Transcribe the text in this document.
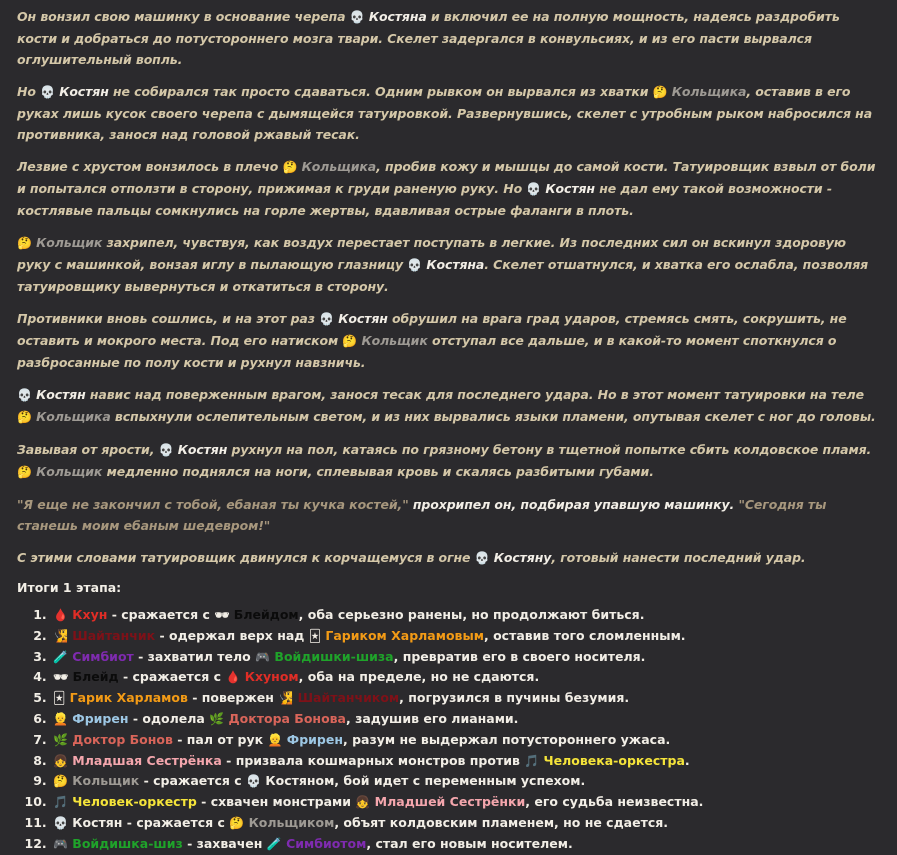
Он вонзил свою машинку в основание черепа 💀 Костяна и включил ее на полную мощность, надеясь раздробить кости и добраться до потустороннего мозга твари. Скелет задергался в конвульсиях, и из его пасти вырвался оглушительный вопль.

Но 💀 Костян не собирался так просто сдаваться. Одним рывком он вырвался из хватки 🤔 Кольщика, оставив в его руках лишь кусок своего черепа с дымящейся татуировкой. Развернувшись, скелет с утробным рыком набросился на противника, занося над головой ржавый тесак.

Лезвие с хрустом вонзилось в плечо 🤔 Кольщика, пробив кожу и мышцы до самой кости. Татуировщик взвыл от боли и попытался отползти в сторону, прижимая к груди раненую руку. Но 💀 Костян не дал ему такой возможности - костлявые пальцы сомкнулись на горле жертвы, вдавливая острые фаланги в плоть.

🤔 Кольщик захрипел, чувствуя, как воздух перестает поступать в легкие. Из последних сил он вскинул здоровую руку с машинкой, вонзая иглу в пылающую глазницу 💀 Костяна. Скелет отшатнулся, и хватка его ослабла, позволяя татуировщику вывернуться и откатиться в сторону.

Противники вновь сошлись, и на этот раз 💀 Костян обрушил на врага град ударов, стремясь смять, сокрушить, не оставить и мокрого места. Под его натиском 🤔 Кольщик отступал все дальше, и в какой-то момент споткнулся о разбросанные по полу кости и рухнул навзничь.

💀 Костян навис над поверженным врагом, занося тесак для последнего удара. Но в этот момент татуировки на теле 🤔 Кольщика вспыхнули ослепительным светом, и из них вырвались языки пламени, опутывая скелет с ног до головы.

Завывая от ярости, 💀 Костян рухнул на пол, катаясь по грязному бетону в тщетной попытке сбить колдовское пламя. 🤔 Кольщик медленно поднялся на ноги, сплевывая кровь и скалясь разбитыми губами.

"Я еще не закончил с тобой, ебаная ты кучка костей," прохрипел он, подбирая упавшую машинку. "Сегодня ты станешь моим ебаным шедевром!"

С этими словами татуировщик двинулся к корчащемуся в огне 💀 Костяну, готовый нанести последний удар.

Итоги 1 этапа:
1. 🩸 Кхун - сражается с 🕶 Блейдом, оба серьезно ранены, но продолжают биться.
2. 🧏 Шайтанчик - одержал верх над 🃏 Гариком Харламовым, оставив того сломленным.
3. 🧪 Симбиот - захватил тело 🎮 Войдишки-шиза, превратив его в своего носителя.
4. 🕶 Блейд - сражается с 🩸 Кхуном, оба на пределе, но не сдаются.
5. 🃏 Гарик Харламов - повержен 🧏 Шайтанчиком, погрузился в пучины безумия.
6. 👱 Фрирен - одолела 🌿 Доктора Бонова, задушив его лианами.
7. 🌿 Доктор Бонов - пал от рук 👱 Фрирен, разум не выдержал потустороннего ужаса.
8. 👧 Младшая Сестрёнка - призвала кошмарных монстров против 🎵 Человека-оркестра.
9. 🤔 Кольщик - сражается с 💀 Костяном, бой идет с переменным успехом.
10. 🎵 Человек-оркестр - схвачен монстрами 👧 Младшей Сестрёнки, его судьба неизвестна.
11. 💀 Костян - сражается с 🤔 Кольщиком, объят колдовским пламенем, но не сдается.
12. 🎮 Войдишка-шиз - захвачен 🧪 Симбиотом, стал его новым носителем.
